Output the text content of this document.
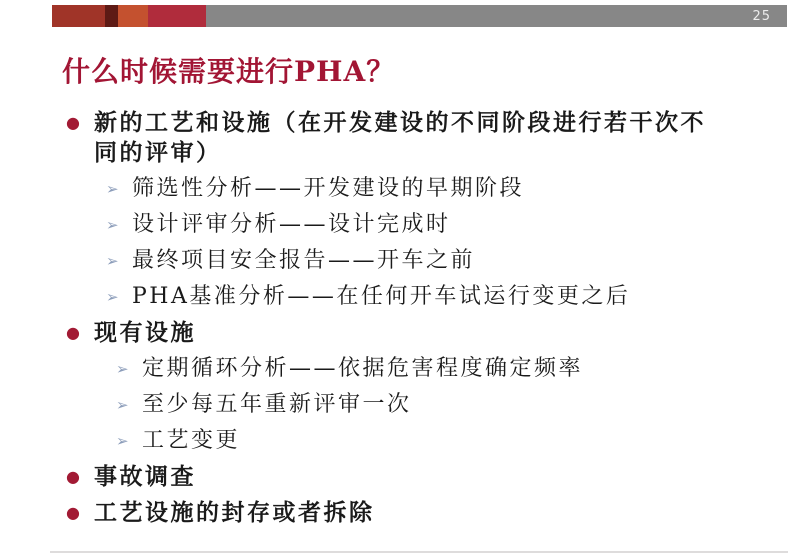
25
什么时候需要进行PHA？
● 新的工艺和设施（在开发建设的不同阶段进行若干次不同的评审）
➢ 筛选性分析——开发建设的早期阶段
➢ 设计评审分析——设计完成时
➢ 最终项目安全报告——开车之前
➢ PHA基准分析——在任何开车试运行变更之后
● 现有设施
➢ 定期循环分析——依据危害程度确定频率
➢ 至少每五年重新评审一次
➢ 工艺变更
● 事故调查
● 工艺设施的封存或者拆除
